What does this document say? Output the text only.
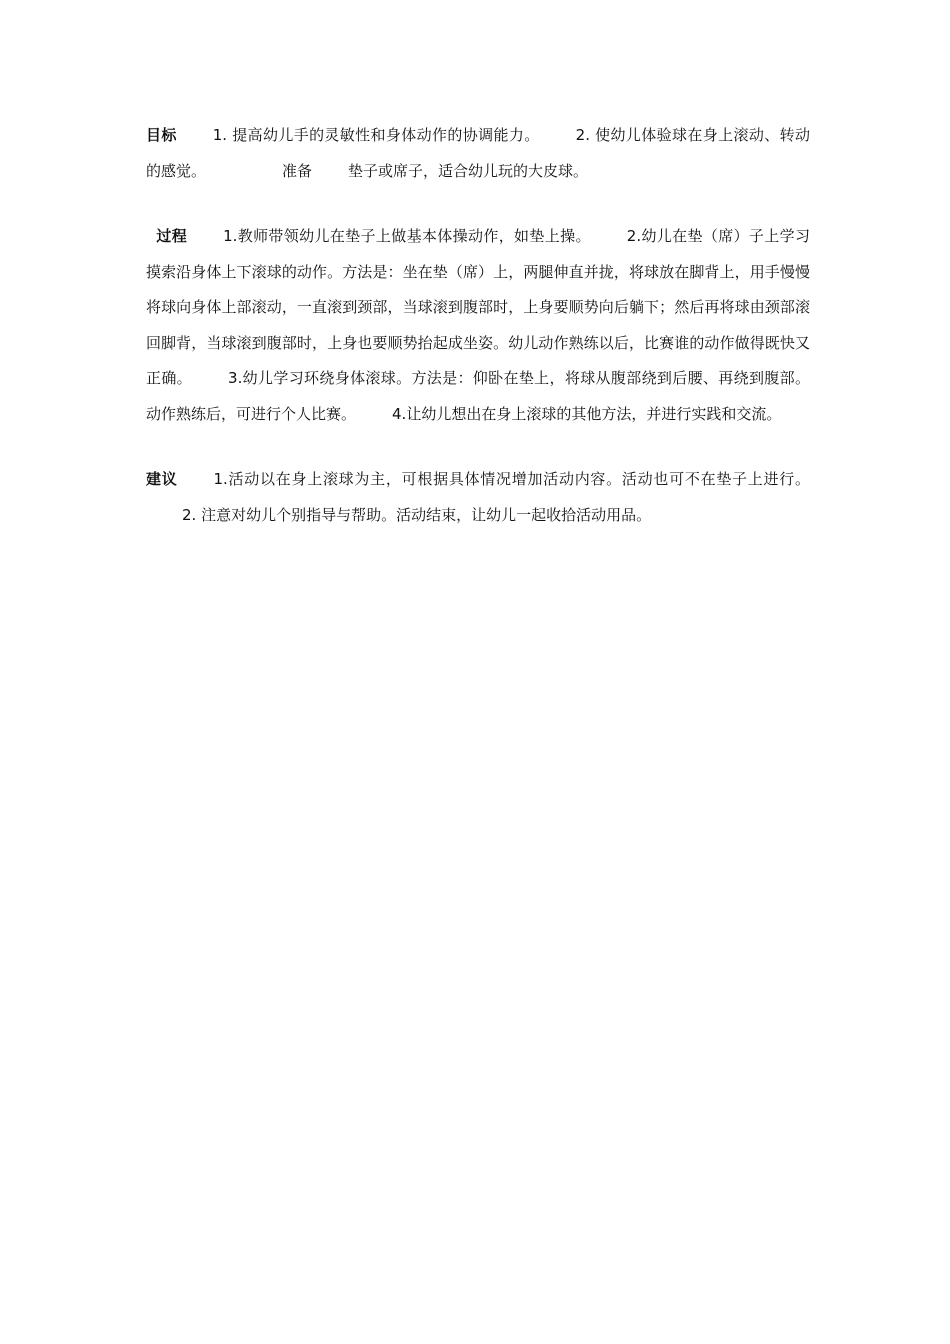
目标 1. 提高幼儿手的灵敏性和身体动作的协调能力。 2. 使幼儿体验球在身上滚动、转动的感觉。	准备 垫子或席子，适合幼儿玩的大皮球。

过程 1.教师带领幼儿在垫子上做基本体操动作，如垫上操。 2.幼儿在垫（席）子上学习摸索沿身体上下滚球的动作。方法是：坐在垫（席）上，两腿伸直并拢，将球放在脚背上，用手慢慢将球向身体上部滚动，一直滚到颈部，当球滚到腹部时，上身要顺势向后躺下；然后再将球由颈部滚回脚背，当球滚到腹部时，上身也要顺势抬起成坐姿。幼儿动作熟练以后，比赛谁的动作做得既快又正确。 3.幼儿学习环绕身体滚球。方法是：仰卧在垫上，将球从腹部绕到后腰、再绕到腹部。动作熟练后，可进行个人比赛。 4.让幼儿想出在身上滚球的其他方法，并进行实践和交流。

建议 1.活动以在身上滚球为主，可根据具体情况增加活动内容。活动也可不在垫子上进行。2. 注意对幼儿个别指导与帮助。活动结束，让幼儿一起收拾活动用品。
